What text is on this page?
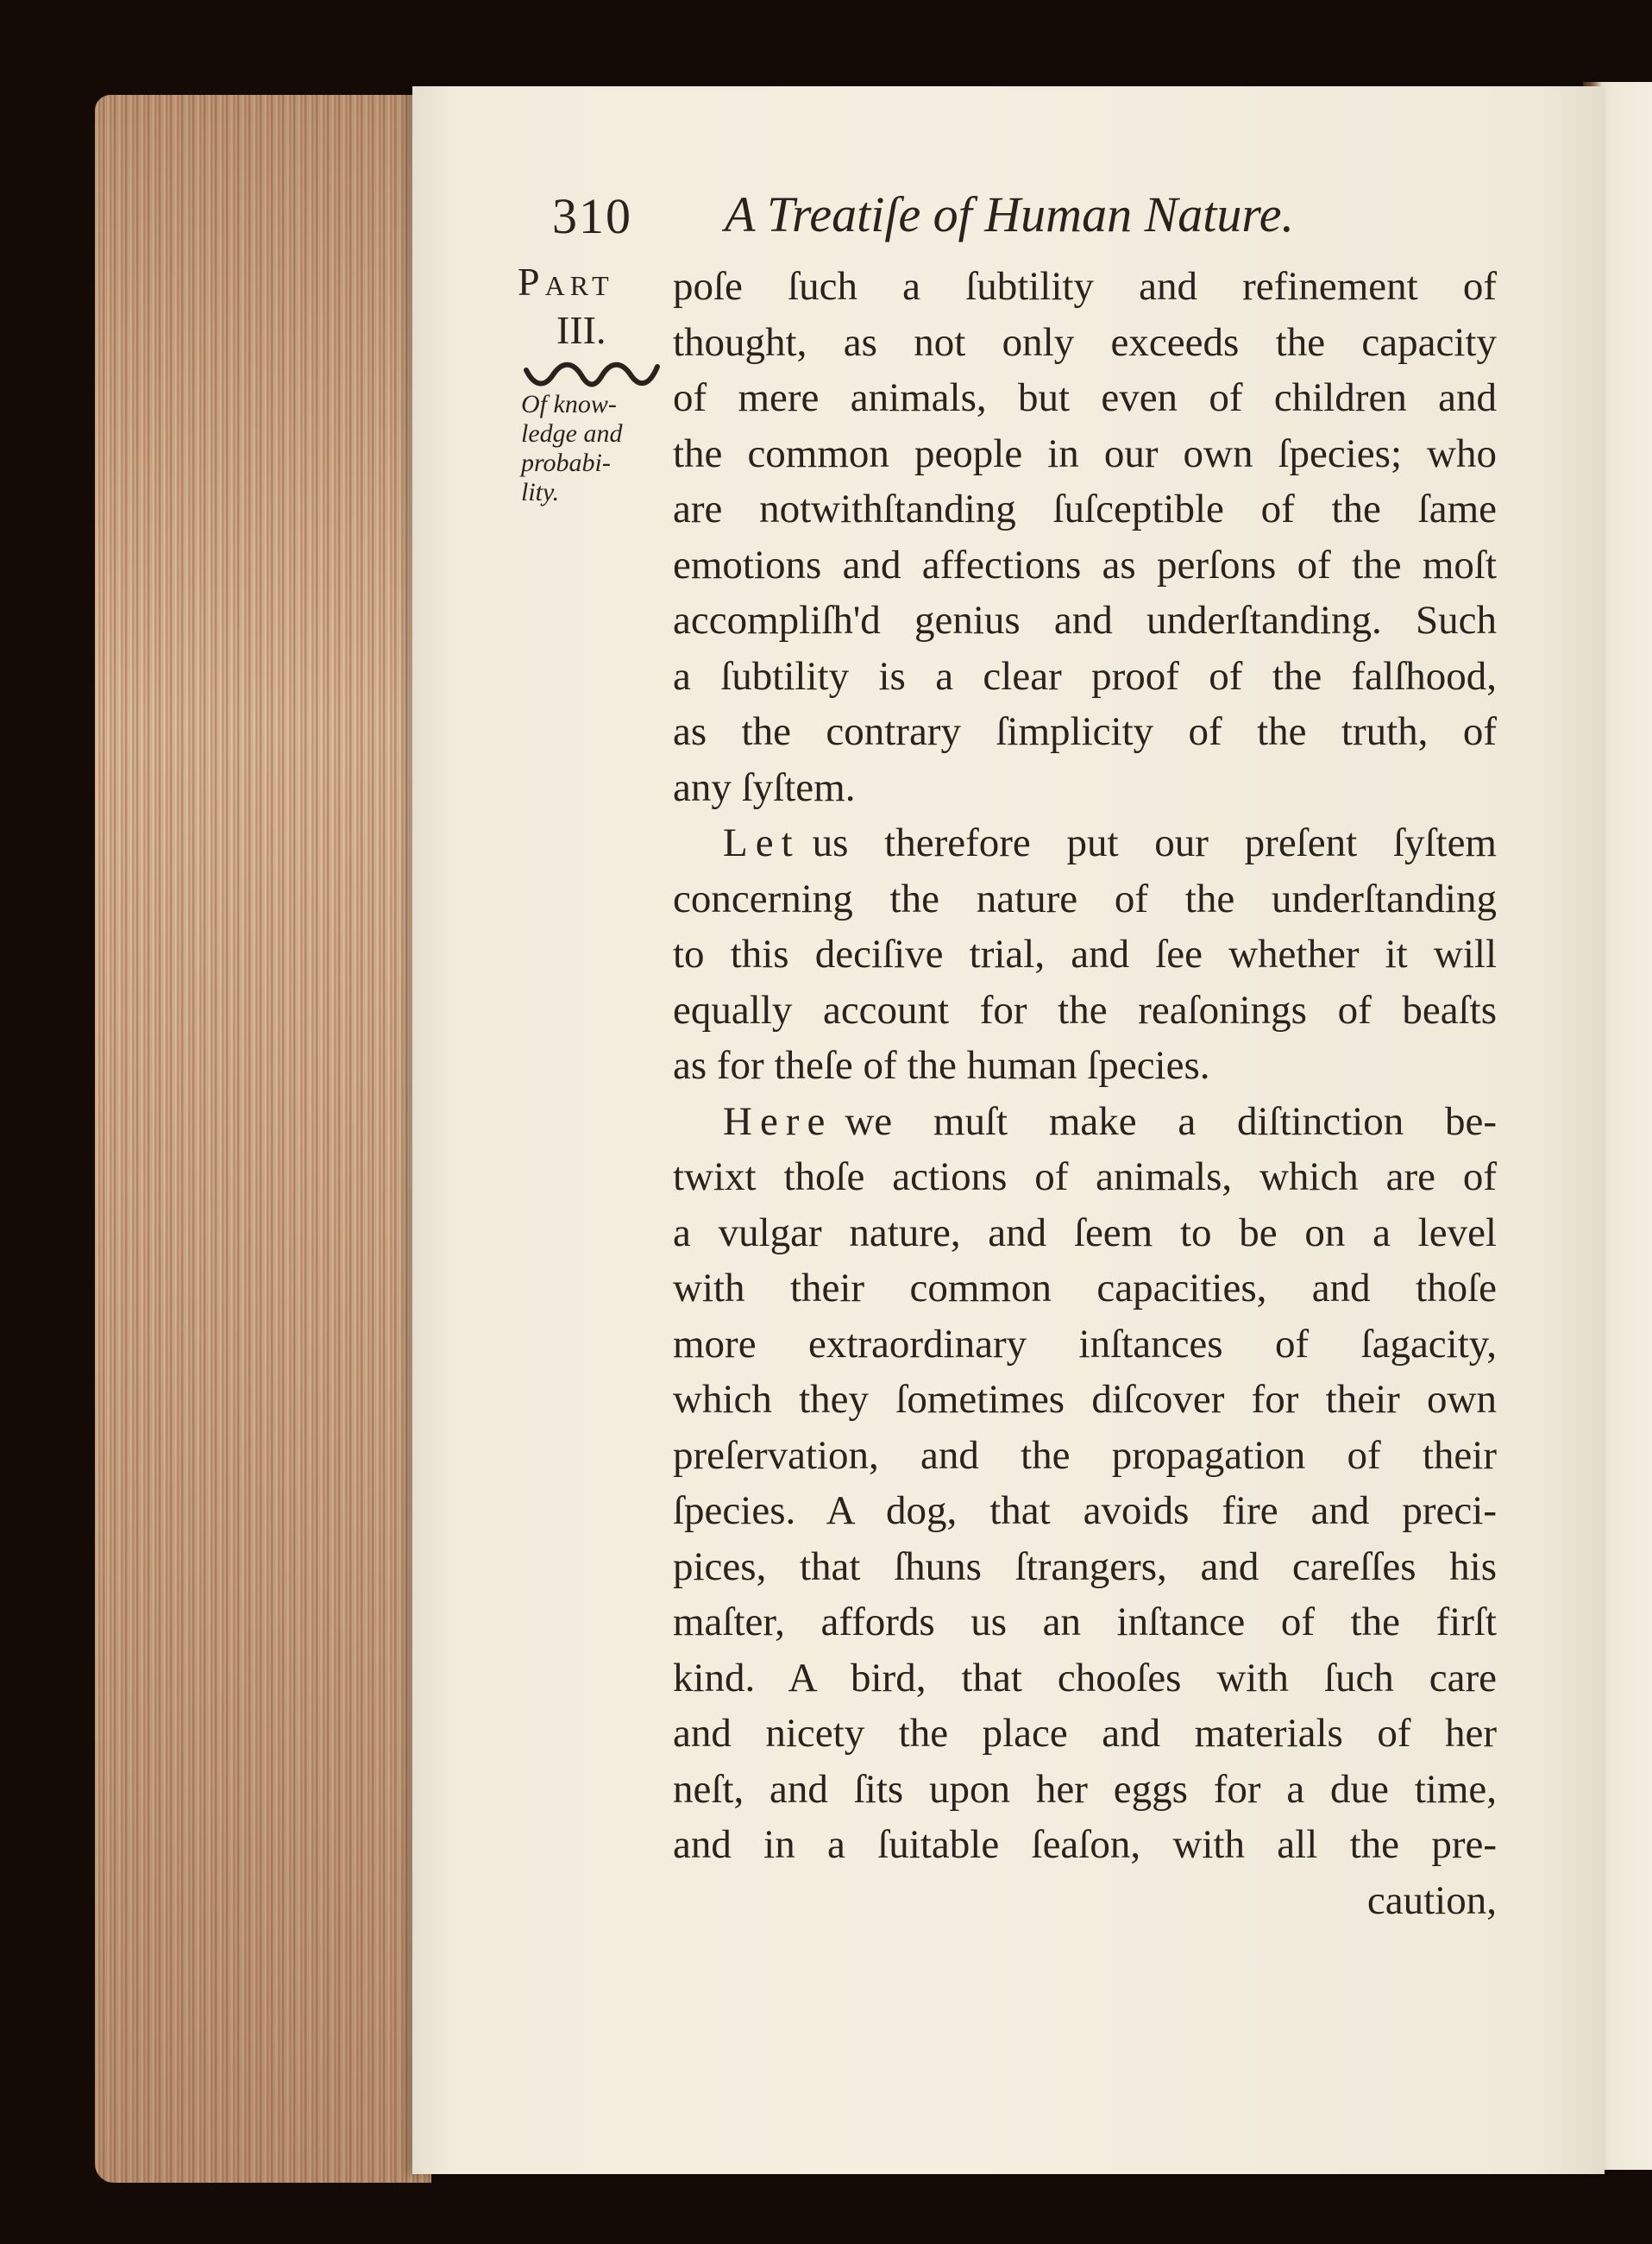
310 A Treatiſe of Human Nature.
Part
III.
Of know-
ledge and
probabi-
lity.
poſe ſuch a ſubtility and refinement of
thought, as not only exceeds the capacity
of mere animals, but even of children and
the common people in our own ſpecies; who
are notwithſtanding ſuſceptible of the ſame
emotions and affections as perſons of the moſt
accompliſh'd genius and underſtanding. Such
a ſubtility is a clear proof of the falſhood,
as the contrary ſimplicity of the truth, of
any ſyſtem.
Let us therefore put our preſent ſyſtem
concerning the nature of the underſtanding
to this deciſive trial, and ſee whether it will
equally account for the reaſonings of beaſts
as for theſe of the human ſpecies.
Here we muſt make a diſtinction be-
twixt thoſe actions of animals, which are of
a vulgar nature, and ſeem to be on a level
with their common capacities, and thoſe
more extraordinary inſtances of ſagacity,
which they ſometimes diſcover for their own
preſervation, and the propagation of their
ſpecies. A dog, that avoids fire and preci-
pices, that ſhuns ſtrangers, and careſſes his
maſter, affords us an inſtance of the firſt
kind. A bird, that chooſes with ſuch care
and nicety the place and materials of her
neſt, and ſits upon her eggs for a due time,
and in a ſuitable ſeaſon, with all the pre-
caution,
